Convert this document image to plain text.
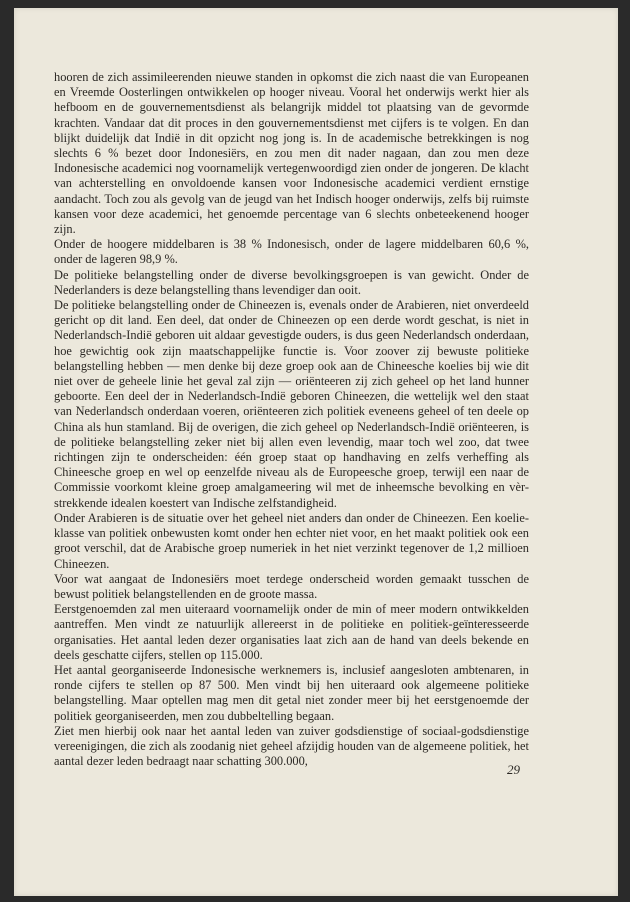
hooren de zich assimileerenden nieuwe standen in opkomst die zich naast die van Europeanen en Vreemde Oosterlingen ontwikkelen op hooger niveau. Vooral het onderwijs werkt hier als hefboom en de gouvernementsdienst als belangrijk middel tot plaatsing van de gevormde krachten. Vandaar dat dit proces in den gouvernementsdienst met cijfers is te volgen. En dan blijkt duidelijk dat Indië in dit opzicht nog jong is. In de academische betrekkingen is nog slechts 6 % bezet door Indonesiërs, en zou men dit nader nagaan, dan zou men deze Indonesische academici nog voornamelijk vertegenwoordigd zien onder de jongeren. De klacht van achterstelling en onvoldoende kansen voor Indonesische academici verdient ernstige aandacht. Toch zou als gevolg van de jeugd van het Indisch hooger onderwijs, zelfs bij ruimste kansen voor deze academici, het genoemde percentage van 6 slechts onbeteekenend hooger zijn.

Onder de hoogere middelbaren is 38 % Indonesisch, onder de lagere middelbaren 60,6 %, onder de lageren 98,9 %.

De politieke belangstelling onder de diverse bevolkingsgroepen is van gewicht. Onder de Nederlanders is deze belangstelling thans levendiger dan ooit.

De politieke belangstelling onder de Chineezen is, evenals onder de Arabieren, niet onverdeeld gericht op dit land. Een deel, dat onder de Chineezen op een derde wordt geschat, is niet in Nederlandsch-Indië geboren uit aldaar gevestigde ouders, is dus geen Nederlandsch onderdaan, hoe gewichtig ook zijn maatschappelijke functie is. Voor zoover zij bewuste politieke belangstelling hebben — men denke bij deze groep ook aan de Chineesche koelies bij wie dit niet over de geheele linie het geval zal zijn — oriënteeren zij zich geheel op het land hunner geboorte. Een deel der in Nederlandsch-Indië geboren Chineezen, die wettelijk wel den staat van Nederlandsch onderdaan voeren, oriënteeren zich politiek eveneens geheel of ten deele op China als hun stamland. Bij de overigen, die zich geheel op Nederlandsch-Indië oriënteeren, is de politieke belangstelling zeker niet bij allen even levendig, maar toch wel zoo, dat twee richtingen zijn te onderscheiden: één groep staat op handhaving en zelfs verheffing als Chineesche groep en wel op eenzelfde niveau als de Europeesche groep, terwijl een naar de Commissie voorkomt kleine groep amalgameering wil met de inheemsche bevolking en vèr-strekkende idealen koestert van Indische zelfstandigheid.

Onder Arabieren is de situatie over het geheel niet anders dan onder de Chineezen. Een koelie-klasse van politiek onbewusten komt onder hen echter niet voor, en het maakt politiek ook een groot verschil, dat de Arabische groep numeriek in het niet verzinkt tegenover de 1,2 millioen Chineezen.

Voor wat aangaat de Indonesiërs moet terdege onderscheid worden gemaakt tusschen de bewust politiek belangstellenden en de groote massa.

Eerstgenoemden zal men uiteraard voornamelijk onder de min of meer modern ontwikkelden aantreffen. Men vindt ze natuurlijk allereerst in de politieke en politiek-geïnteresseerde organisaties. Het aantal leden dezer organisaties laat zich aan de hand van deels bekende en deels geschatte cijfers, stellen op 115.000.

Het aantal georganiseerde Indonesische werknemers is, inclusief aangesloten ambtenaren, in ronde cijfers te stellen op 87 500. Men vindt bij hen uiteraard ook algemeene politieke belangstelling. Maar optellen mag men dit getal niet zonder meer bij het eerstgenoemde der politiek georganiseerden, men zou dubbeltelling begaan.

Ziet men hierbij ook naar het aantal leden van zuiver godsdienstige of sociaal-godsdienstige vereenigingen, die zich als zoodanig niet geheel afzijdig houden van de algemeene politiek, het aantal dezer leden bedraagt naar schatting 300.000,

29
